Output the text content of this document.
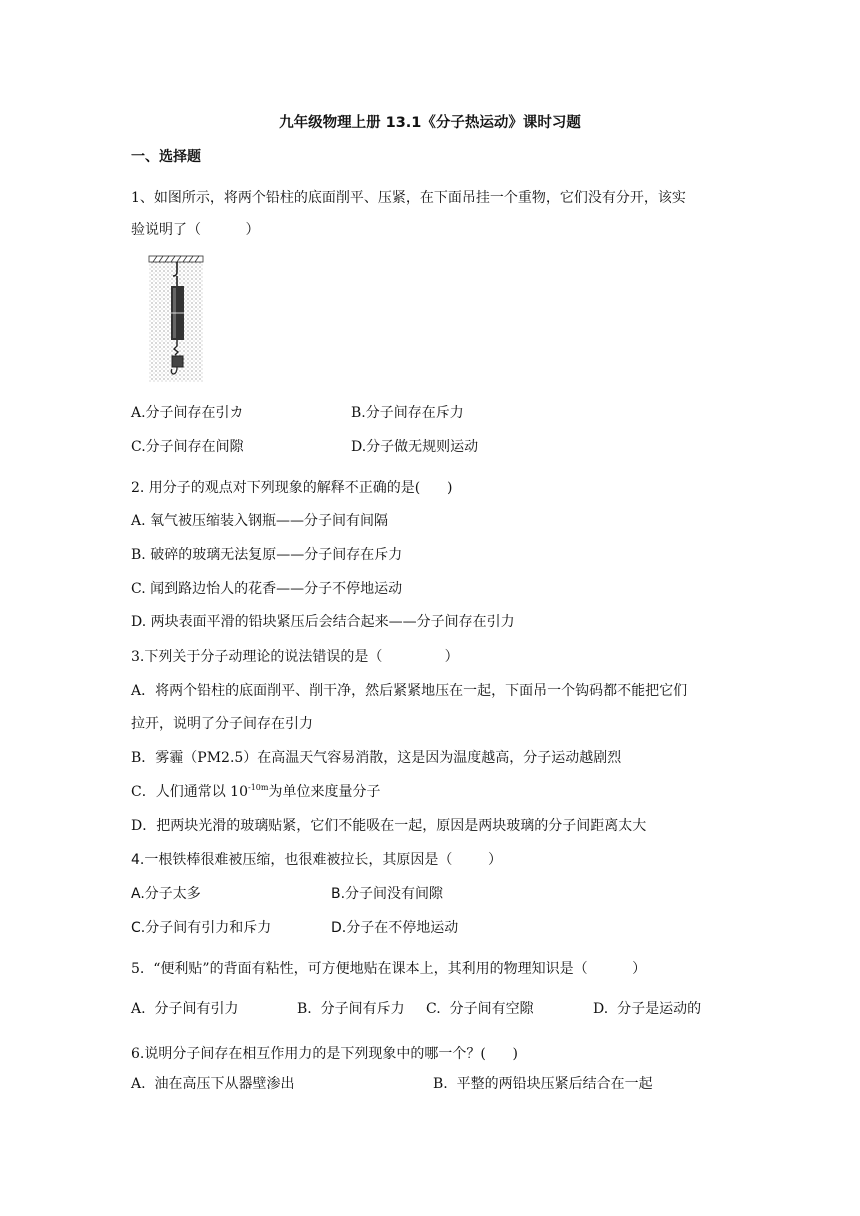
九年级物理上册 13.1《分子热运动》课时习题
一、选择题
1、如图所示，将两个铅柱的底面削平、压紧，在下面吊挂一个重物，它们没有分开，该实
验说明了（          ）
A.分子间存在引カ	B.分子间存在斥力
C.分子间存在间隙	D.分子做无规则运动
2. 用分子的观点对下列现象的解释不正确的是(      )
A. 氧气被压缩装入钢瓶——分子间有间隔
B. 破碎的玻璃无法复原——分子间存在斥力
C. 闻到路边怡人的花香——分子不停地运动
D. 两块表面平滑的铅块紧压后会结合起来——分子间存在引力
3.下列关于分子动理论的说法错误的是（              ）
A．将两个铅柱的底面削平、削干净，然后紧紧地压在一起，下面吊一个钩码都不能把它们
拉开，说明了分子间存在引力
B．雾霾（PM2.5）在高温天气容易消散，这是因为温度越高，分子运动越剧烈
C．人们通常以 $10^{-10m}$为单位来度量分子
D．把两块光滑的玻璃贴紧，它们不能吸在一起，原因是两块玻璃的分子间距离太大
4.一根铁棒很难被压缩，也很难被拉长，其原因是（        ）
A.分子太多	B.分子间没有间隙
C.分子间有引力和斥力	D.分子在不停地运动
5.  “便利贴”的背面有粘性，可方便地贴在课本上，其利用的物理知识是（          ）
A.  分子间有引力	B.  分子间有斥力 C.  分子间有空隙	D.  分子是运动的
6.说明分子间存在相互作用力的是下列现象中的哪一个？(      )
A.  油在高压下从器壁渗出	B.  平整的两铅块压紧后结合在一起
